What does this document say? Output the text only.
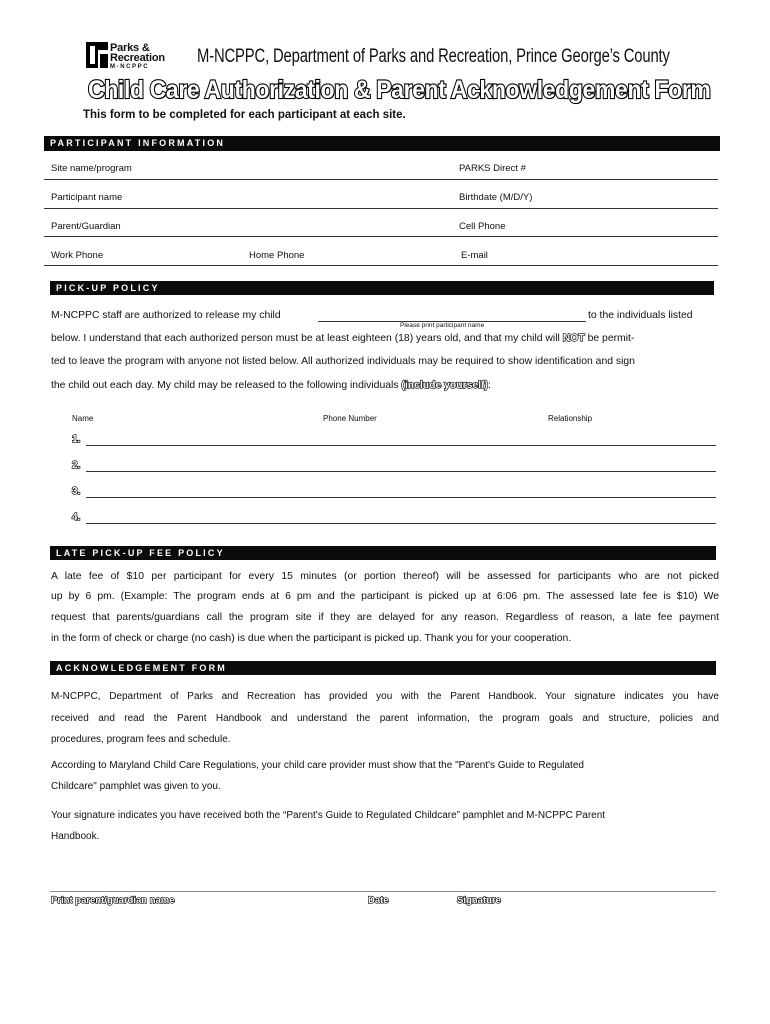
Parks &
Recreation
M-NCPPC	M-NCPPC, Department of Parks and Recreation, Prince George’s County
Child Care Authorization & Parent Acknowledgement Form
This form to be completed for each participant at each site.
PARTICIPANT INFORMATION
Site name/program	PARKS Direct #
Participant name	Birthdate (M/D/Y)
Parent/Guardian	Cell Phone
Work Phone	Home Phone	E-mail
PICK-UP POLICY
M-NCPPC staff are authorized to release my child	to the individuals listed
Please print participant name
below. I understand that each authorized person must be at least eighteen (18) years old, and that my child will NOT be permit-
ted to leave the program with anyone not listed below. All authorized individuals may be required to show identification and sign
the child out each day. My child may be released to the following individuals (include yourself):
Name	Phone Number	Relationship
1.
2.
3.
4.
LATE PICK-UP FEE POLICY
A late fee of $10 per participant for every 15 minutes (or portion thereof) will be assessed for participants who are not picked
up by 6 pm. (Example: The program ends at 6 pm and the participant is picked up at 6:06 pm. The assessed late fee is $10) We
request that parents/guardians call the program site if they are delayed for any reason. Regardless of reason, a late fee payment
in the form of check or charge (no cash) is due when the participant is picked up. Thank you for your cooperation.
ACKNOWLEDGEMENT FORM
M-NCPPC, Department of Parks and Recreation has provided you with the Parent Handbook. Your signature indicates you have
received and read the Parent Handbook and understand the parent information, the program goals and structure, policies and
procedures, program fees and schedule.
According to Maryland Child Care Regulations, your child care provider must show that the "Parent's Guide to Regulated
Childcare" pamphlet was given to you.
Your signature indicates you have received both the “Parent's Guide to Regulated Childcare” pamphlet and M-NCPPC Parent
Handbook.
Print parent/guardian name	Date	Signature
